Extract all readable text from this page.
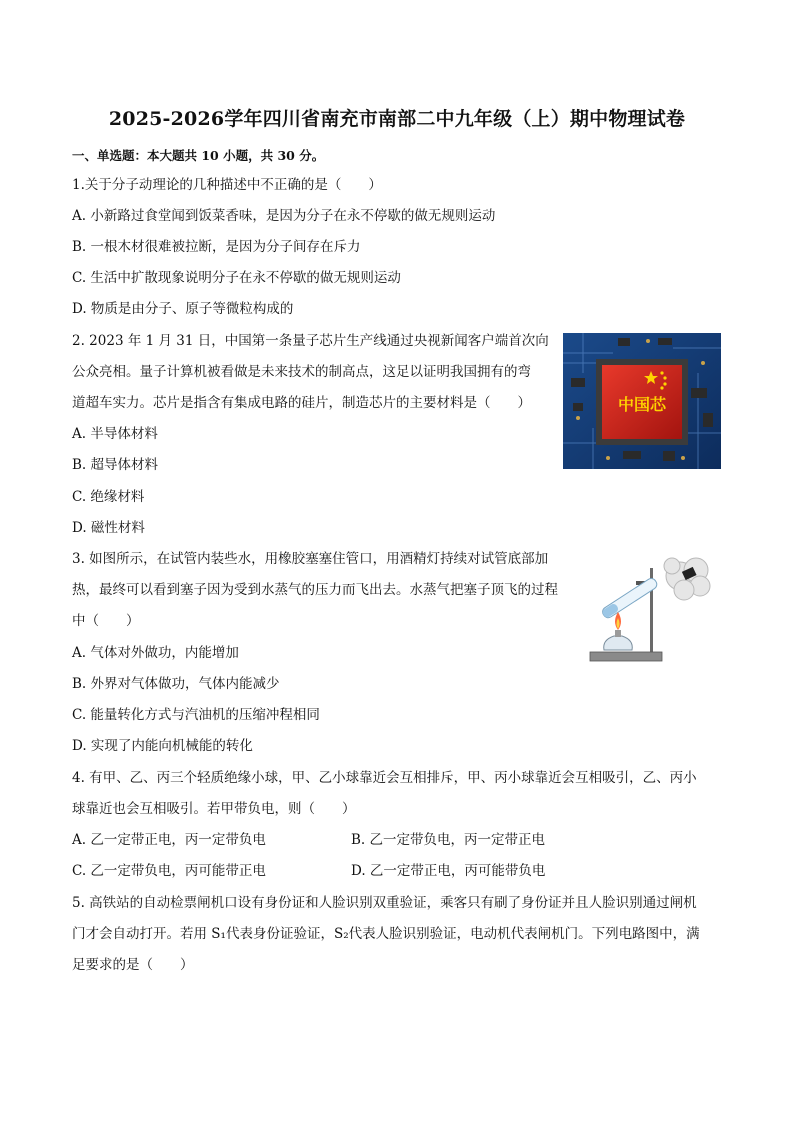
2025-2026学年四川省南充市南部二中九年级（上）期中物理试卷
一、单选题：本大题共 10 小题，共 30 分。
1.关于分子动理论的几种描述中不正确的是（　　）
A. 小新路过食堂闻到饭菜香味，是因为分子在永不停歇的做无规则运动
B. 一根木材很难被拉断，是因为分子间存在斥力
C. 生活中扩散现象说明分子在永不停歇的做无规则运动
D. 物质是由分子、原子等微粒构成的
2. 2023 年 1 月 31 日，中国第一条量子芯片生产线通过央视新闻客户端首次向
公众亮相。量子计算机被看做是未来技术的制高点，这足以证明我国拥有的弯
道超车实力。芯片是指含有集成电路的硅片，制造芯片的主要材料是（　　）
A. 半导体材料
B. 超导体材料
C. 绝缘材料
D. 磁性材料
中国芯
3. 如图所示，在试管内装些水，用橡胶塞塞住管口，用酒精灯持续对试管底部加
热，最终可以看到塞子因为受到水蒸气的压力而飞出去。水蒸气把塞子顶飞的过程
中（　　）
A. 气体对外做功，内能增加
B. 外界对气体做功，气体内能减少
C. 能量转化方式与汽油机的压缩冲程相同
D. 实现了内能向机械能的转化
4. 有甲、乙、丙三个轻质绝缘小球，甲、乙小球靠近会互相排斥，甲、丙小球靠近会互相吸引，乙、丙小
球靠近也会互相吸引。若甲带负电，则（　　）
A. 乙一定带正电，丙一定带负电	B. 乙一定带负电，丙一定带正电
C. 乙一定带负电，丙可能带正电	D. 乙一定带正电，丙可能带负电
5. 高铁站的自动检票闸机口设有身份证和人脸识别双重验证，乘客只有刷了身份证并且人脸识别通过闸机
门才会自动打开。若用 S₁代表身份证验证，S₂代表人脸识别验证，电动机代表闸机门。下列电路图中，满
足要求的是（　　）
